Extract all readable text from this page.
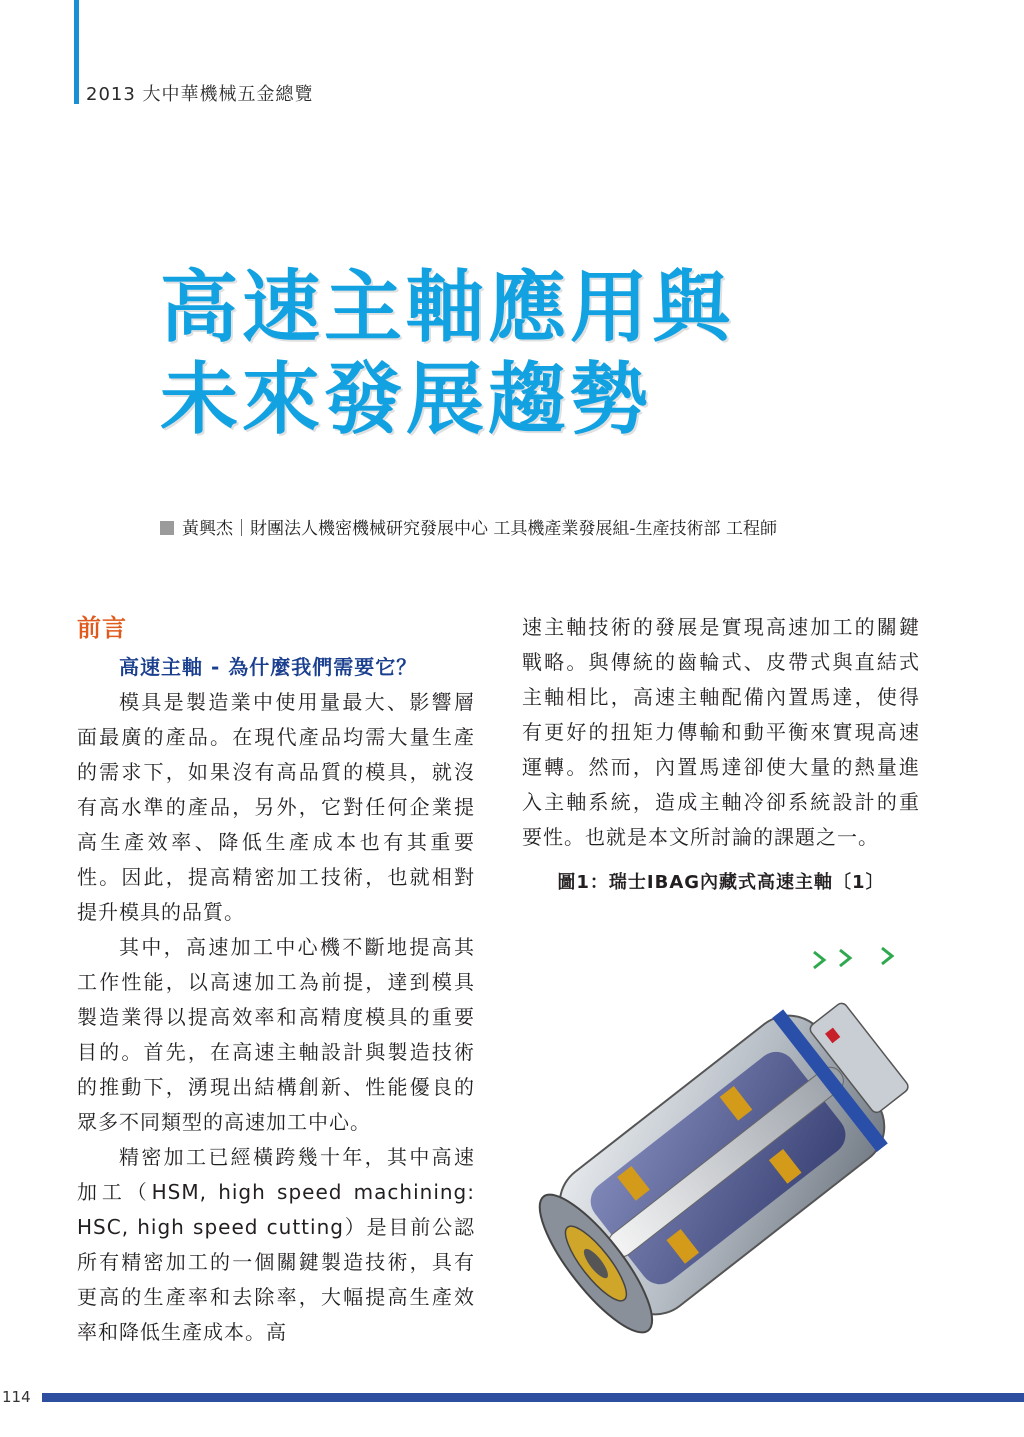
2013 大中華機械五金總覽
高速主軸應用與
未來發展趨勢
黃興杰｜財團法人機密機械研究發展中心 工具機產業發展組-生產技術部 工程師
前言

高速主軸 - 為什麼我們需要它？

模具是製造業中使用量最大、影響層面最廣的產品。在現代產品均需大量生產的需求下，如果沒有高品質的模具，就沒有高水準的產品，另外，它對任何企業提高生產效率、降低生產成本也有其重要性。因此，提高精密加工技術，也就相對提升模具的品質。

其中，高速加工中心機不斷地提高其工作性能，以高速加工為前提，達到模具製造業得以提高效率和高精度模具的重要目的。首先，在高速主軸設計與製造技術的推動下，湧現出結構創新、性能優良的眾多不同類型的高速加工中心。

精密加工已經橫跨幾十年，其中高速加工（HSM, high speed machining: HSC, high speed cutting）是目前公認所有精密加工的一個關鍵製造技術，具有更高的生產率和去除率，大幅提高生產效率和降低生產成本。高

速主軸技術的發展是實現高速加工的關鍵戰略。與傳統的齒輪式、皮帶式與直結式主軸相比，高速主軸配備內置馬達，使得有更好的扭矩力傳輸和動平衡來實現高速運轉。然而，內置馬達卻使大量的熱量進入主軸系統，造成主軸冷卻系統設計的重要性。也就是本文所討論的課題之一。

圖1：瑞士IBAG內藏式高速主軸〔1〕
114
